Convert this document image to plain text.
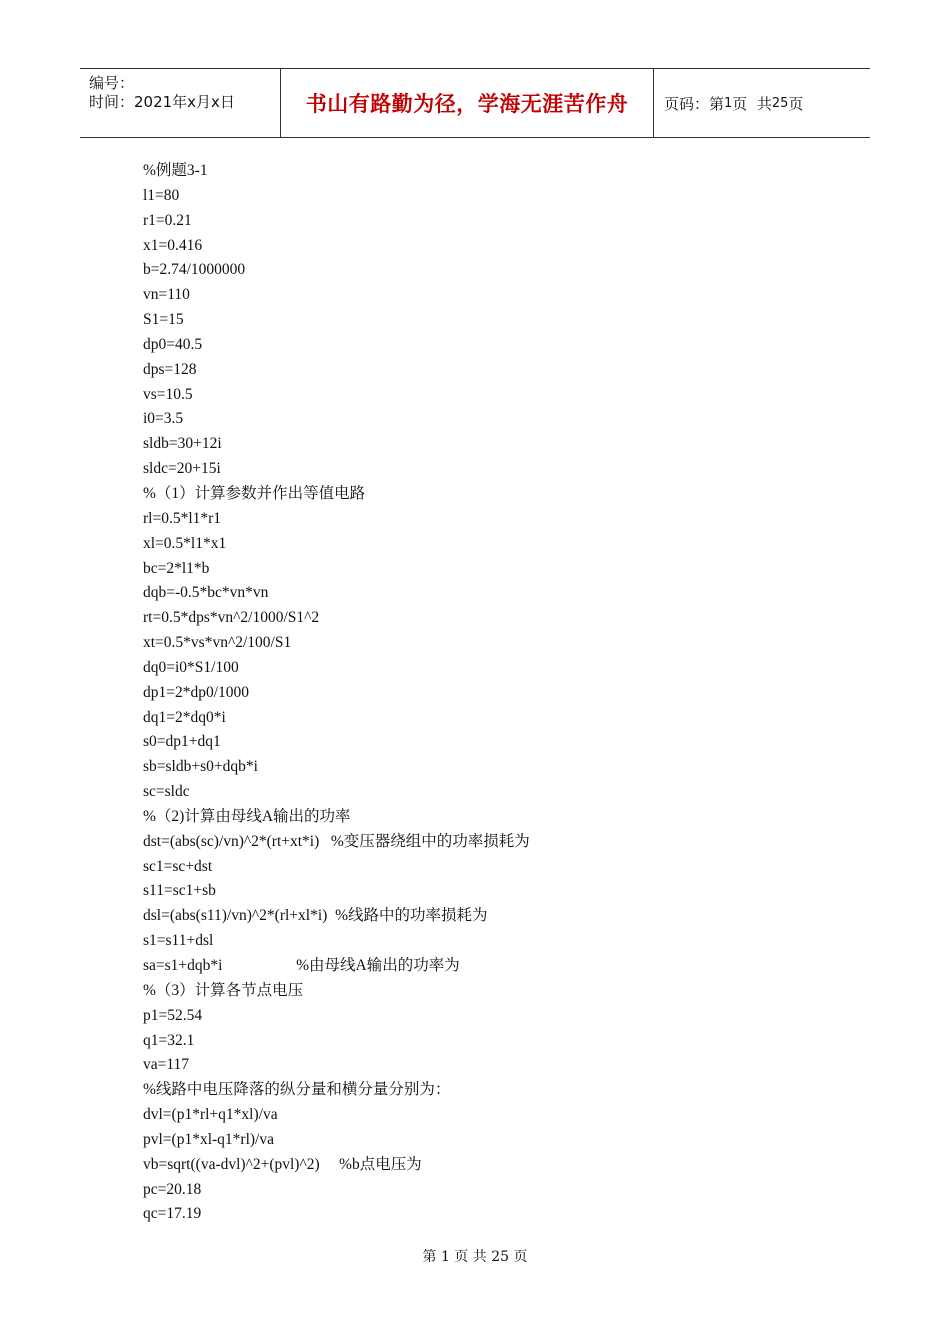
编号：
时间：2021年x月x日	书山有路勤为径，学海无涯苦作舟 页码：第 1 页  共 25 页
%例题3-1
l1=80
r1=0.21
x1=0.416
b=2.74/1000000
vn=110
S1=15
dp0=40.5
dps=128
vs=10.5
i0=3.5
sldb=30+12i
sldc=20+15i
%（1）计算参数并作出等值电路
rl=0.5*l1*r1
xl=0.5*l1*x1
bc=2*l1*b
dqb=-0.5*bc*vn*vn
rt=0.5*dps*vn^2/1000/S1^2
xt=0.5*vs*vn^2/100/S1
dq0=i0*S1/100
dp1=2*dp0/1000
dq1=2*dq0*i
s0=dp1+dq1
sb=sldb+s0+dqb*i
sc=sldc
%（2)计算由母线A输出的功率
dst=(abs(sc)/vn)^2*(rt+xt*i)   %变压器绕组中的功率损耗为
sc1=sc+dst
s11=sc1+sb
dsl=(abs(s11)/vn)^2*(rl+xl*i)  %线路中的功率损耗为
s1=s11+dsl
sa=s1+dqb*i                   %由母线A输出的功率为
%（3）计算各节点电压
p1=52.54
q1=32.1
va=117
%线路中电压降落的纵分量和横分量分别为：
dvl=(p1*rl+q1*xl)/va
pvl=(p1*xl-q1*rl)/va
vb=sqrt((va-dvl)^2+(pvl)^2)     %b点电压为
pc=20.18
qc=17.19
第 1 页 共 25 页
